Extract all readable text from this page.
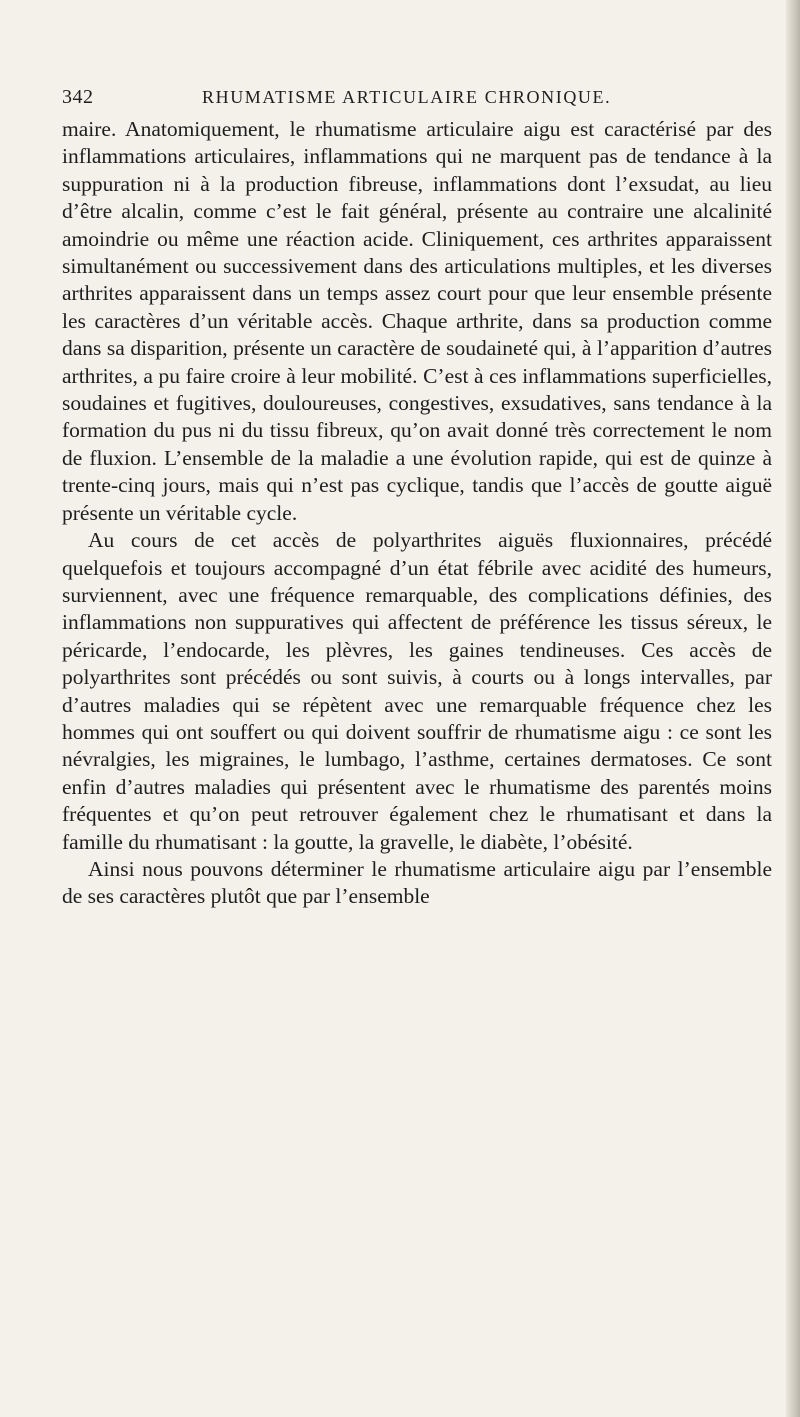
342	RHUMATISME ARTICULAIRE CHRONIQUE.

maire. Anatomiquement, le rhumatisme articulaire aigu est caractérisé par des inflammations articulaires, inflammations qui ne marquent pas de tendance à la suppuration ni à la production fibreuse, inflammations dont l’exsudat, au lieu d’être alcalin, comme c’est le fait général, présente au contraire une alcalinité amoindrie ou même une réaction acide. Cliniquement, ces arthrites apparaissent simultanément ou successivement dans des articulations multiples, et les diverses arthrites apparaissent dans un temps assez court pour que leur ensemble présente les caractères d’un véritable accès. Chaque arthrite, dans sa production comme dans sa disparition, présente un caractère de soudaineté qui, à l’apparition d’autres arthrites, a pu faire croire à leur mobilité. C’est à ces inflammations superficielles, soudaines et fugitives, douloureuses, congestives, exsudatives, sans tendance à la formation du pus ni du tissu fibreux, qu’on avait donné très correctement le nom de fluxion. L’ensemble de la maladie a une évolution rapide, qui est de quinze à trente-cinq jours, mais qui n’est pas cyclique, tandis que l’accès de goutte aiguë présente un véritable cycle.

Au cours de cet accès de polyarthrites aiguës fluxionnaires, précédé quelquefois et toujours accompagné d’un état fébrile avec acidité des humeurs, surviennent, avec une fréquence remarquable, des complications définies, des inflammations non suppuratives qui affectent de préférence les tissus séreux, le péricarde, l’endocarde, les plèvres, les gaines tendineuses. Ces accès de polyarthrites sont précédés ou sont suivis, à courts ou à longs intervalles, par d’autres maladies qui se répètent avec une remarquable fréquence chez les hommes qui ont souffert ou qui doivent souffrir de rhumatisme aigu : ce sont les névralgies, les migraines, le lumbago, l’asthme, certaines dermatoses. Ce sont enfin d’autres maladies qui présentent avec le rhumatisme des parentés moins fréquentes et qu’on peut retrouver également chez le rhumatisant et dans la famille du rhumatisant : la goutte, la gravelle, le diabète, l’obésité.

Ainsi nous pouvons déterminer le rhumatisme articulaire aigu par l’ensemble de ses caractères plutôt que par l’ensemble
